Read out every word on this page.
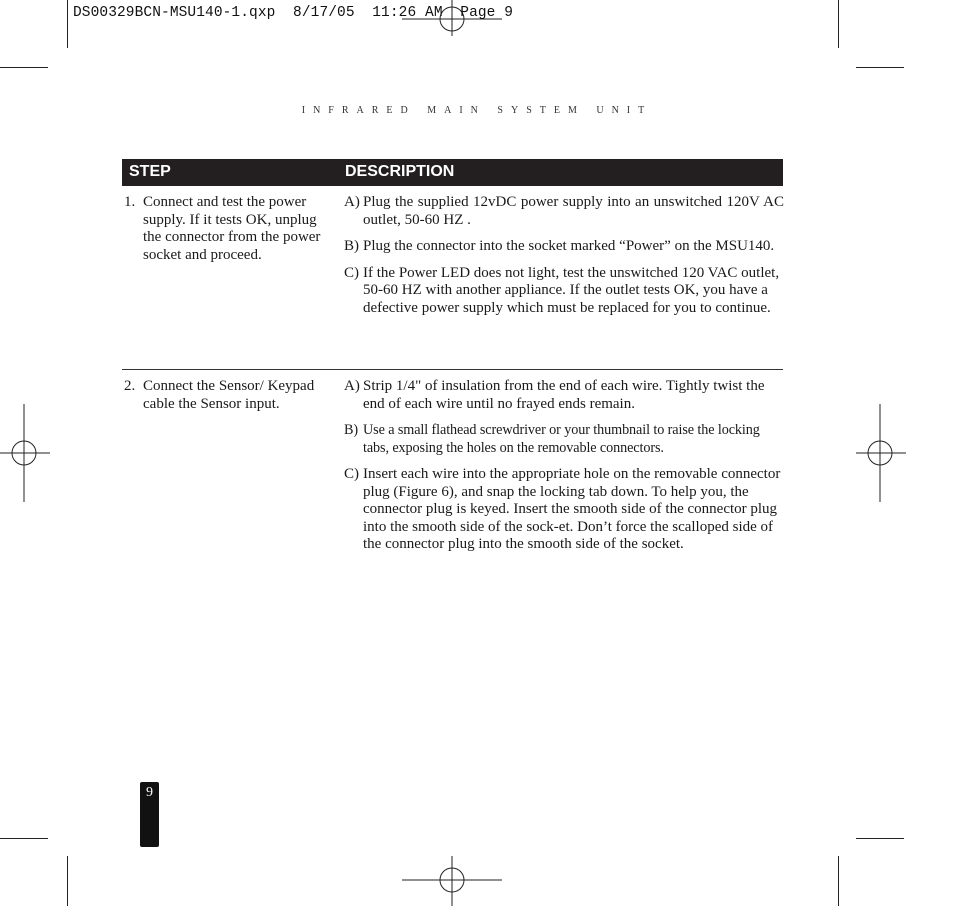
DS00329BCN-MSU140-1.qxp  8/17/05  11:26 AM  Page 9
infrared main system unit
STEP	DESCRIPTION
1. Connect and test the power supply. If it tests OK, unplug the connector from the power socket and proceed.
A) Plug the supplied 12vDC power supply into an unswitched 120V AC outlet, 50-60 HZ .
B) Plug the connector into the socket marked “Power” on the MSU140.
C) If the Power LED does not light, test the unswitched 120 VAC outlet, 50-60 HZ with another appliance. If the outlet tests OK, you have a defective power supply which must be replaced for you to continue.
2. Connect the Sensor/ Keypad cable the Sensor input.
A) Strip 1/4" of insulation from the end of each wire. Tightly twist the end of each wire until no frayed ends remain.
B) Use a small flathead screwdriver or your thumbnail to raise the locking tabs, exposing the holes on the removable connectors.
C) Insert each wire into the appropriate hole on the removable connector plug (Figure 6), and snap the locking tab down. To help you, the connector plug is keyed. Insert the smooth side of the connector plug into the smooth side of the sock-et. Don’t force the scalloped side of the connector plug into the smooth side of the socket.
9
